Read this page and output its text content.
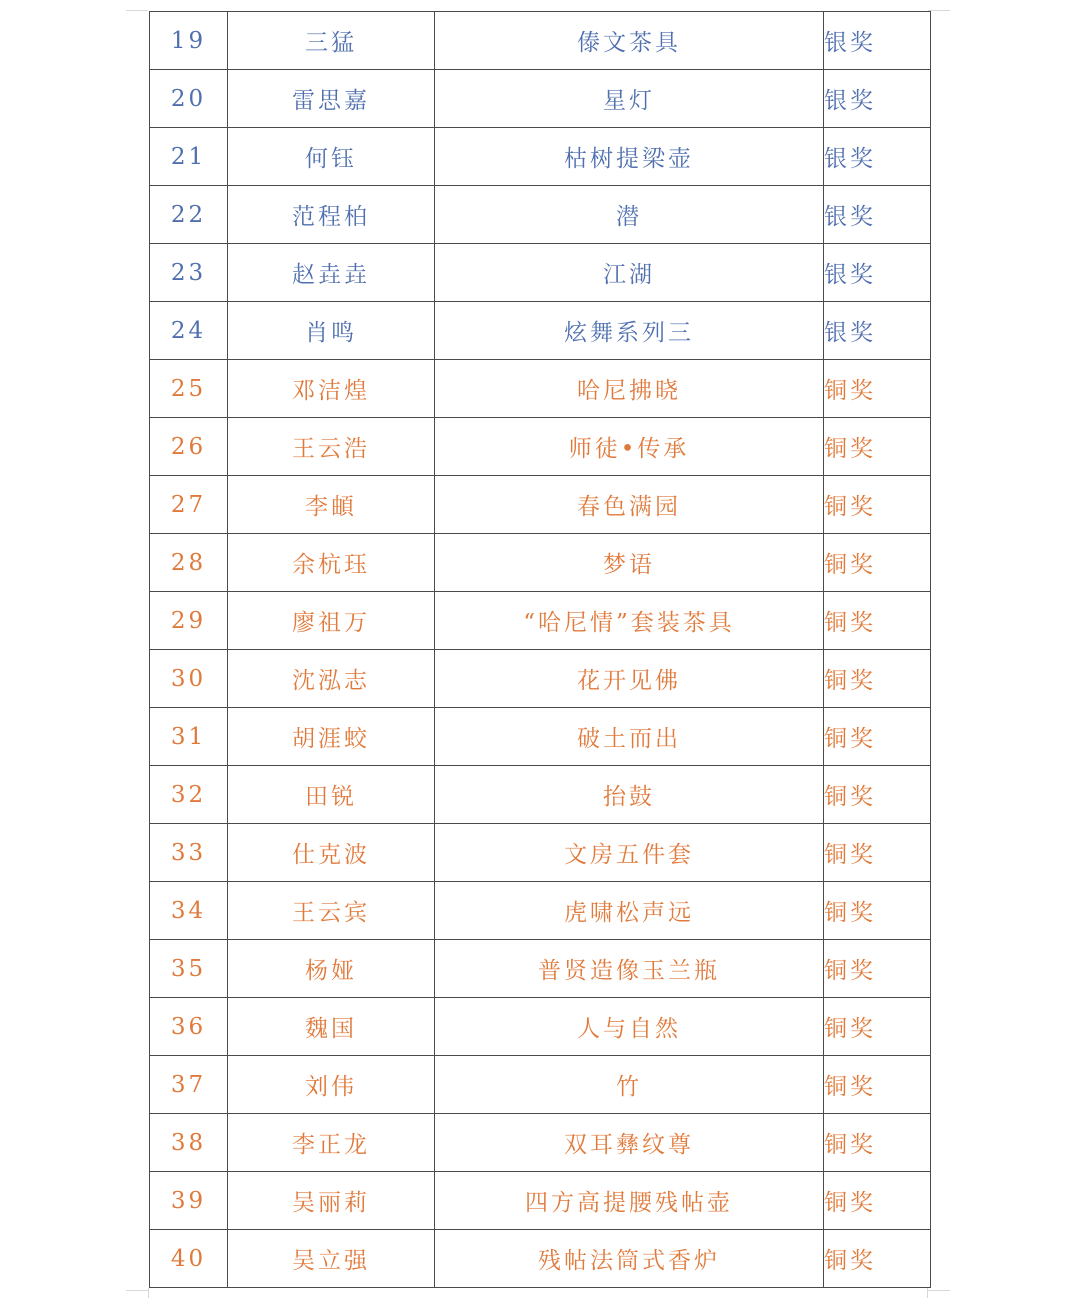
19	三猛	傣文茶具	银奖
20	雷思嘉	星灯	银奖
21	何钰	枯树提梁壶	银奖
22	范程柏	潜	银奖
23	赵垚垚	江湖	银奖
24	肖鸣	炫舞系列三	银奖
25	邓洁煌	哈尼拂晓	铜奖
26	王云浩	师徒•传承	铜奖
27	李頔	春色满园	铜奖
28	余杭珏	梦语	铜奖
29	廖祖万	“哈尼情”套装茶具	铜奖
30	沈泓志	花开见佛	铜奖
31	胡涯蛟	破土而出	铜奖
32	田锐	抬鼓	铜奖
33	仕克波	文房五件套	铜奖
34	王云宾	虎啸松声远	铜奖
35	杨娅	普贤造像玉兰瓶	铜奖
36	魏国	人与自然	铜奖
37	刘伟	竹	铜奖
38	李正龙	双耳彝纹尊	铜奖
39	吴丽莉	四方高提腰残帖壶	铜奖
40	吴立强	残帖法筒式香炉	铜奖
